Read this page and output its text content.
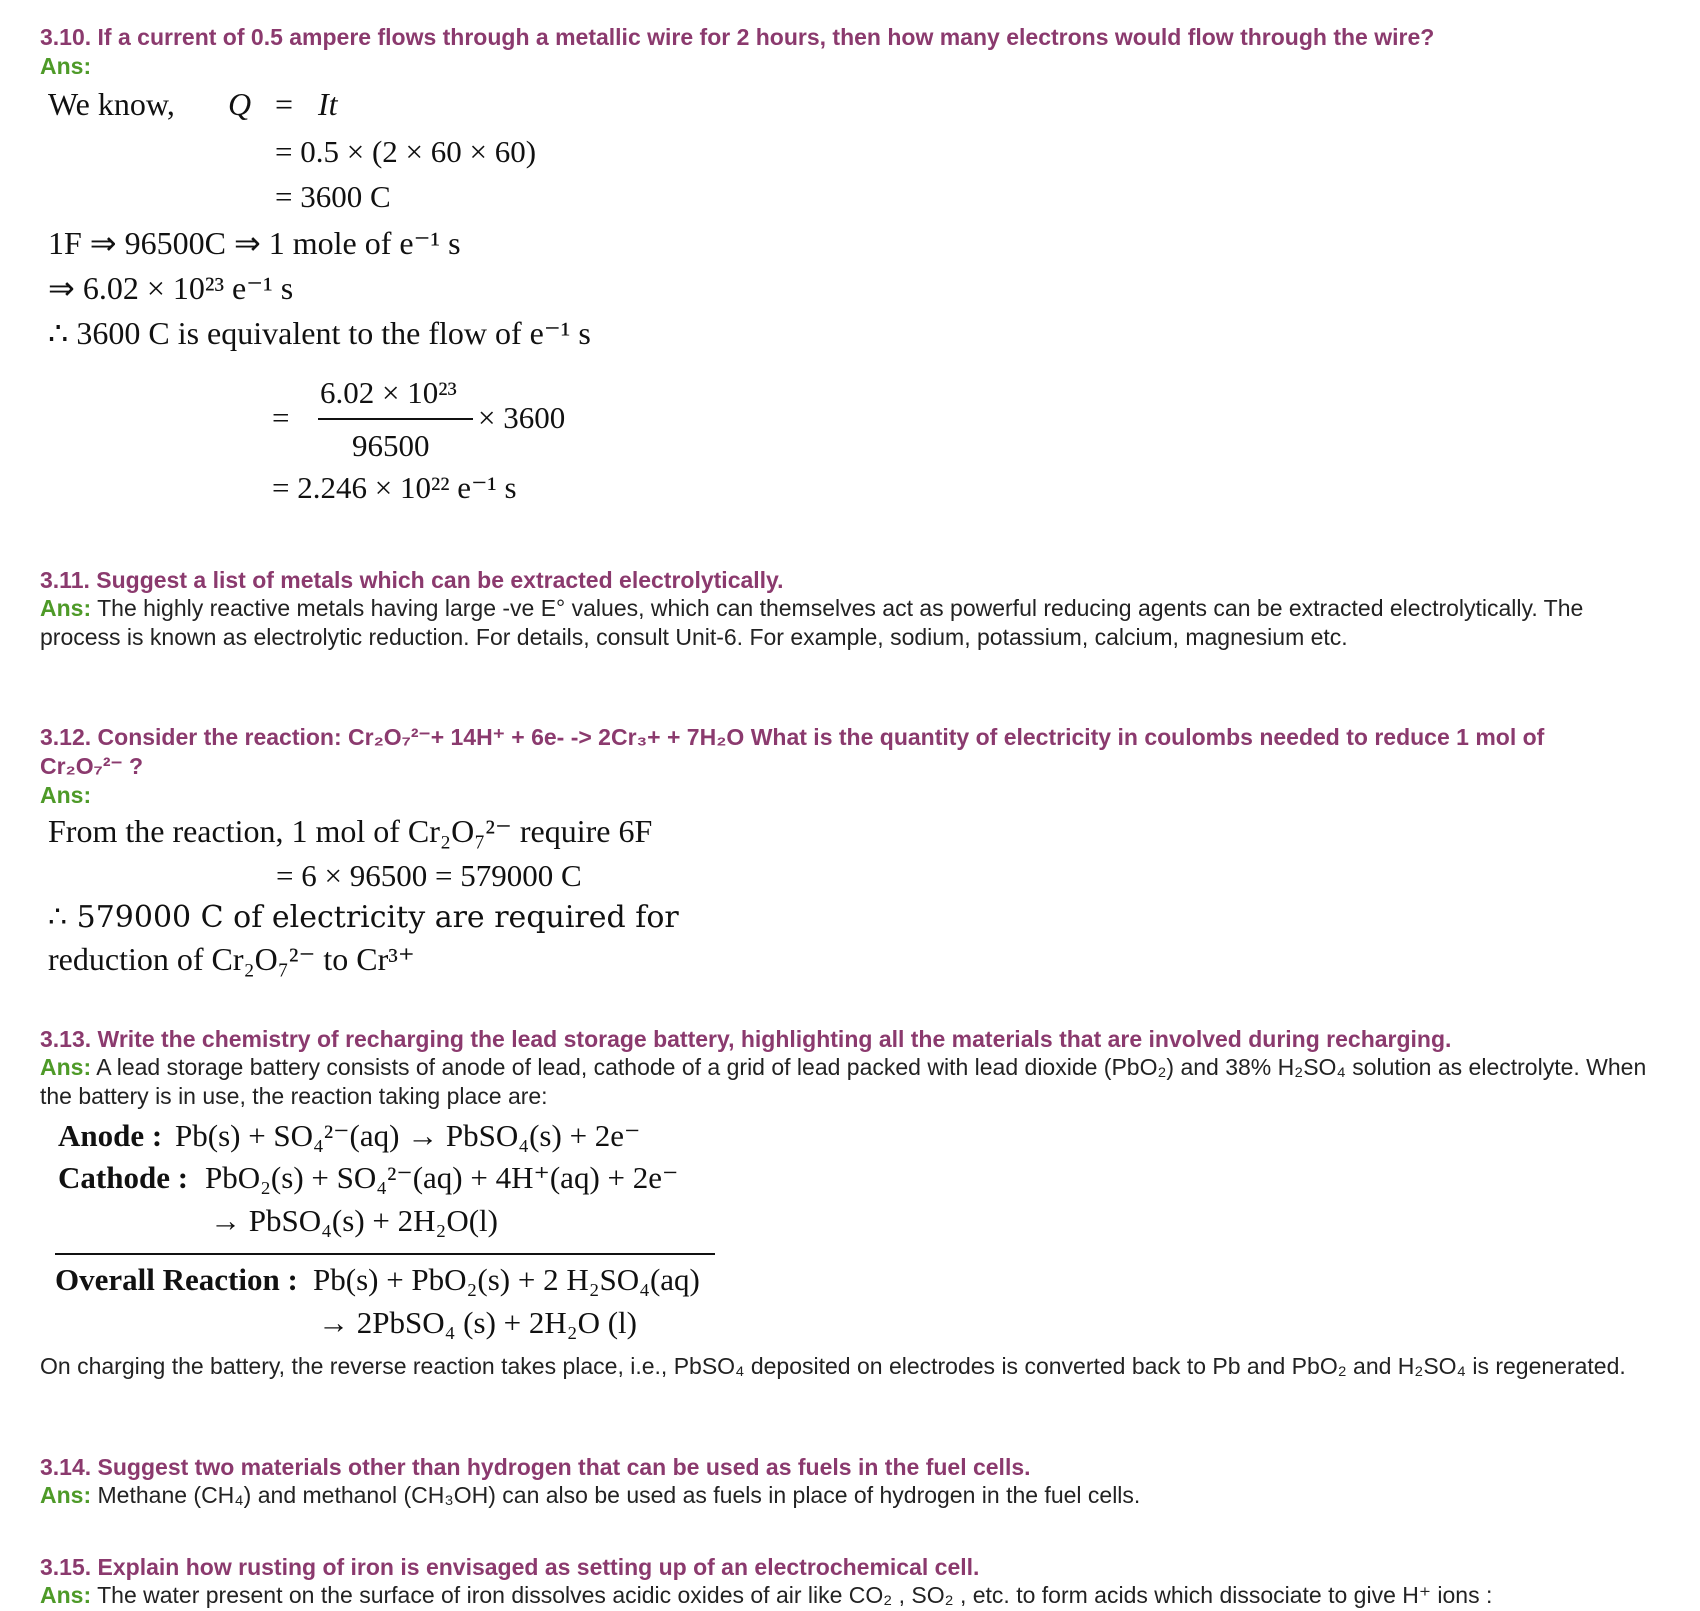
3.10. If a current of 0.5 ampere flows through a metallic wire for 2 hours, then how many electrons would flow through the wire?
Ans:
We know, Q = It
= 0.5 × (2 × 60 × 60)
= 3600 C
1F ⇒ 96500C ⇒ 1 mole of e⁻¹ s
⇒ 6.02 × 10²³ e⁻¹ s
∴ 3600 C is equivalent to the flow of e⁻¹ s
=
6.02 × 10²³
96500
× 3600
= 2.246 × 10²² e⁻¹ s
3.11. Suggest a list of metals which can be extracted electrolytically.
Ans: The highly reactive metals having large -ve E° values, which can themselves act as powerful reducing agents can be extracted electrolytically. The process is known as electrolytic reduction. For details, consult Unit-6. For example, sodium, potassium, calcium, magnesium etc.
3.12. Consider the reaction: Cr₂O₇²⁻+ 14H⁺ + 6e- -> 2Cr₃+ + 7H₂O What is the quantity of electricity in coulombs needed to reduce 1 mol of
Cr₂O₇²⁻ ?
Ans:
From the reaction, 1 mol of Cr₂O₇²⁻ require 6F
= 6 × 96500 = 579000 C
∴ 579000 C of electricity are required for
reduction of Cr₂O₇²⁻ to Cr³⁺
3.13. Write the chemistry of recharging the lead storage battery, highlighting all the materials that are involved during recharging.
Ans: A lead storage battery consists of anode of lead, cathode of a grid of lead packed with lead dioxide (PbO₂) and 38% H₂SO₄ solution as electrolyte. When the battery is in use, the reaction taking place are:
Anode : Pb(s) + SO₄²⁻(aq) → PbSO₄(s) + 2e⁻
Cathode : PbO₂(s) + SO₄²⁻(aq) + 4H⁺(aq) + 2e⁻
→ PbSO₄(s) + 2H₂O(l)
Overall Reaction : Pb(s) + PbO₂(s) + 2 H₂SO₄(aq)
→ 2PbSO₄ (s) + 2H₂O (l)
On charging the battery, the reverse reaction takes place, i.e., PbSO₄ deposited on electrodes is converted back to Pb and PbO₂ and H₂SO₄ is regenerated.
3.14. Suggest two materials other than hydrogen that can be used as fuels in the fuel cells.
Ans: Methane (CH₄) and methanol (CH₃OH) can also be used as fuels in place of hydrogen in the fuel cells.
3.15. Explain how rusting of iron is envisaged as setting up of an electrochemical cell.
Ans: The water present on the surface of iron dissolves acidic oxides of air like CO₂ , SO₂ , etc. to form acids which dissociate to give H⁺ ions :
